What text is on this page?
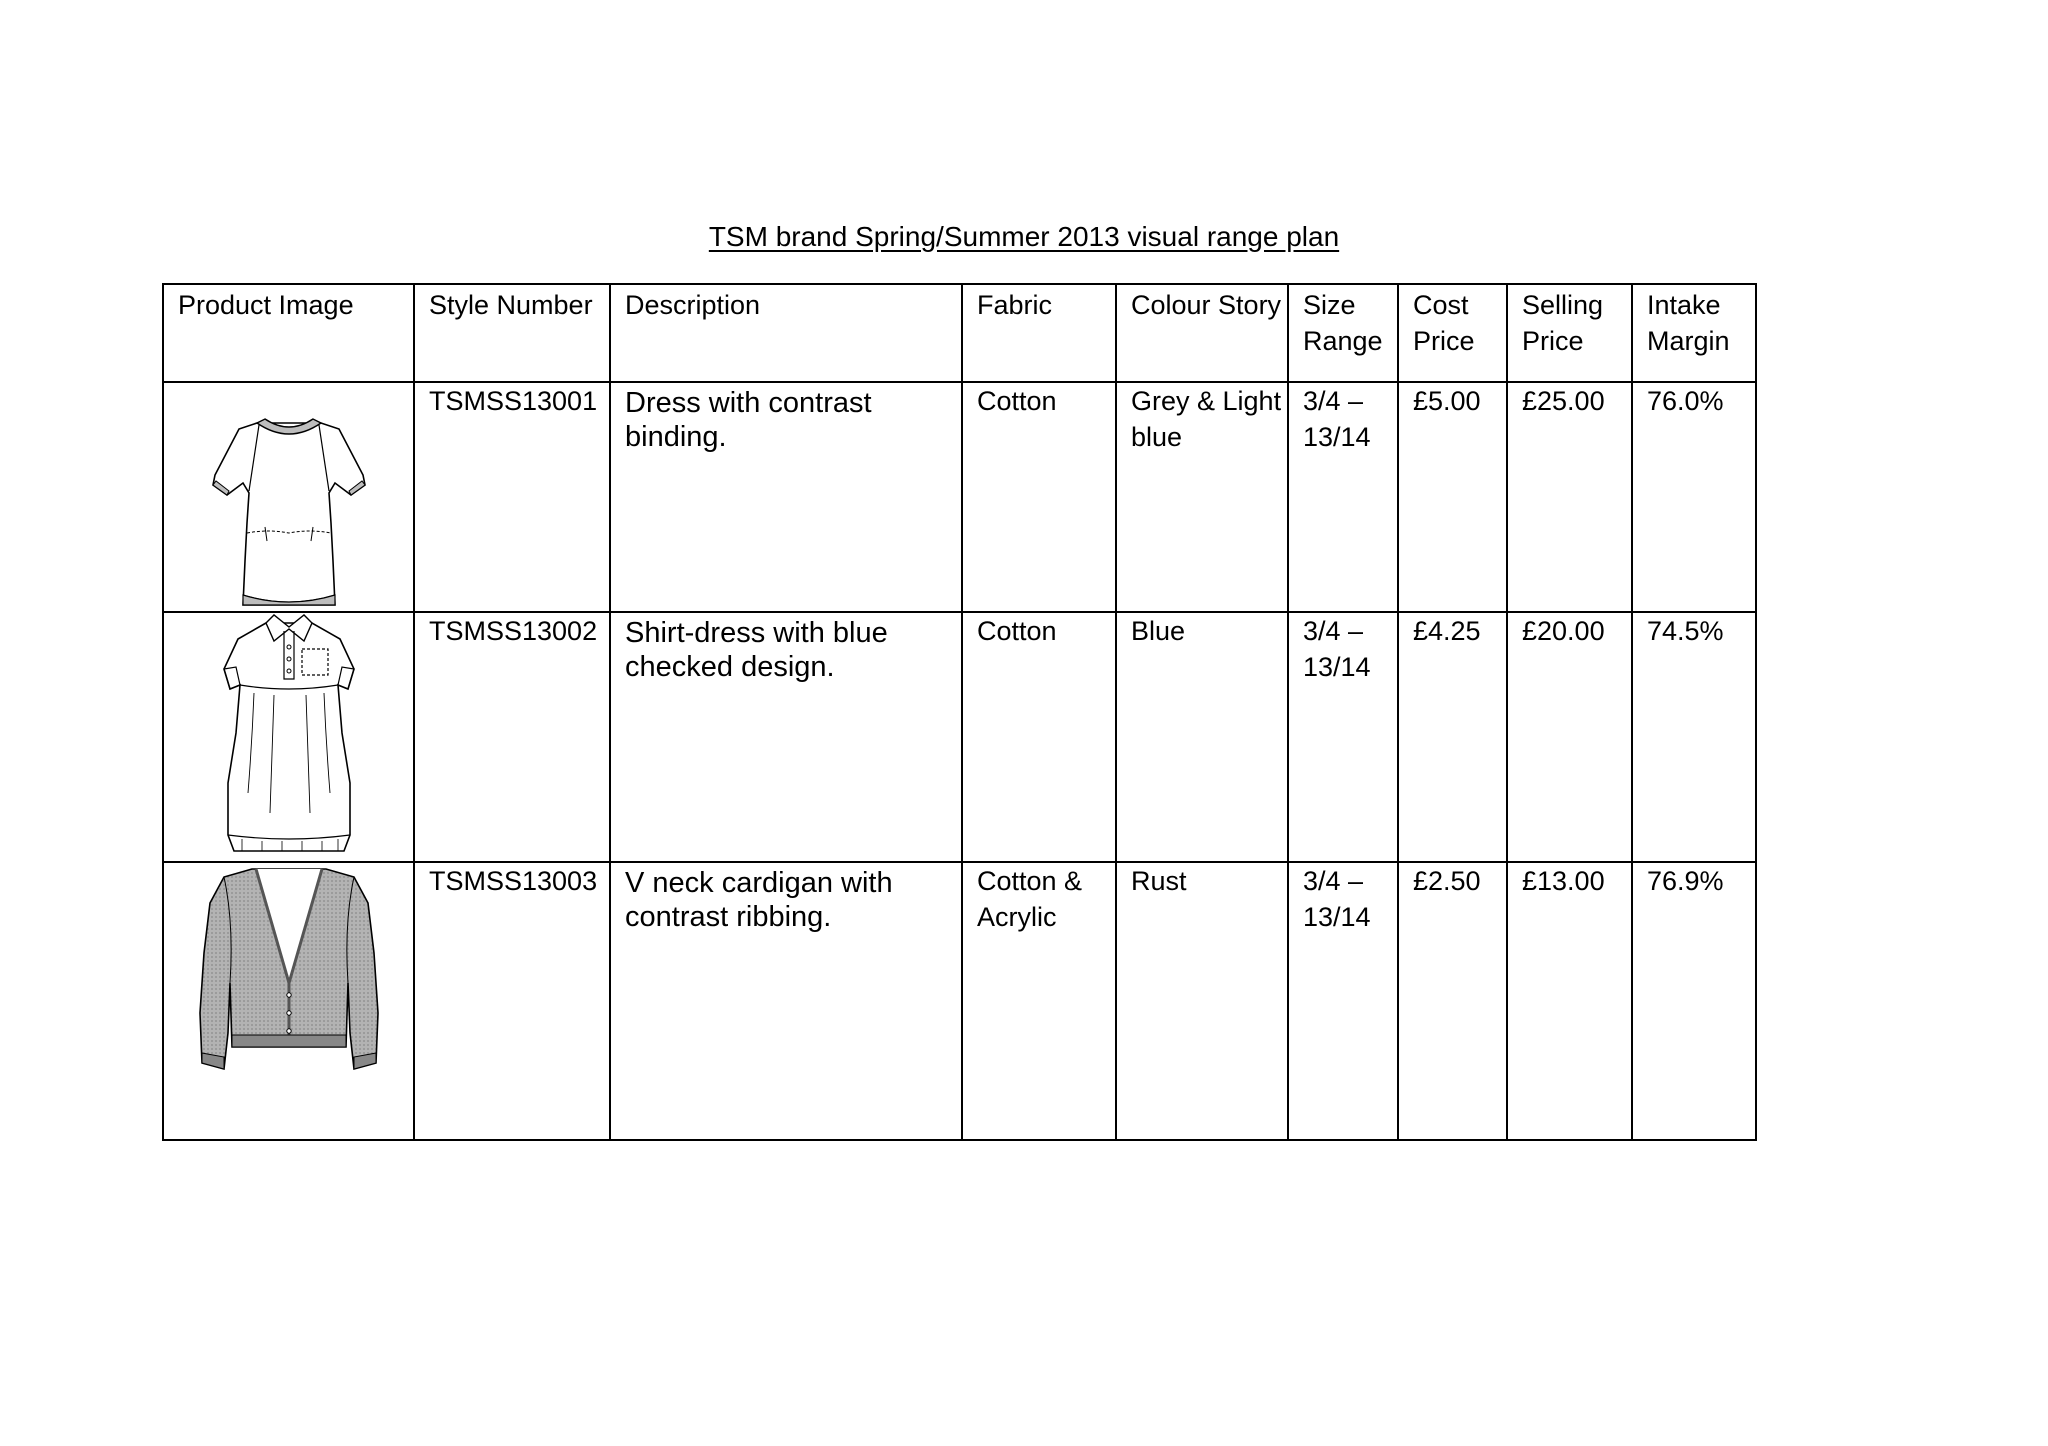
TSM brand Spring/Summer 2013 visual range plan
Product Image	Style Number	Description	Fabric	Colour Story	Size Range	Cost Price	Selling Price	Intake Margin

TSMSS13001	Dress with contrast binding.	Cotton	Grey & Light blue	3/4 – 13/14	£5.00	£25.00	76.0%

TSMSS13002	Shirt-dress with blue checked design.	Cotton	Blue	3/4 – 13/14	£4.25	£20.00	74.5%

TSMSS13003	V neck cardigan with contrast ribbing.	Cotton & Acrylic	Rust	3/4 – 13/14	£2.50	£13.00	76.9%
